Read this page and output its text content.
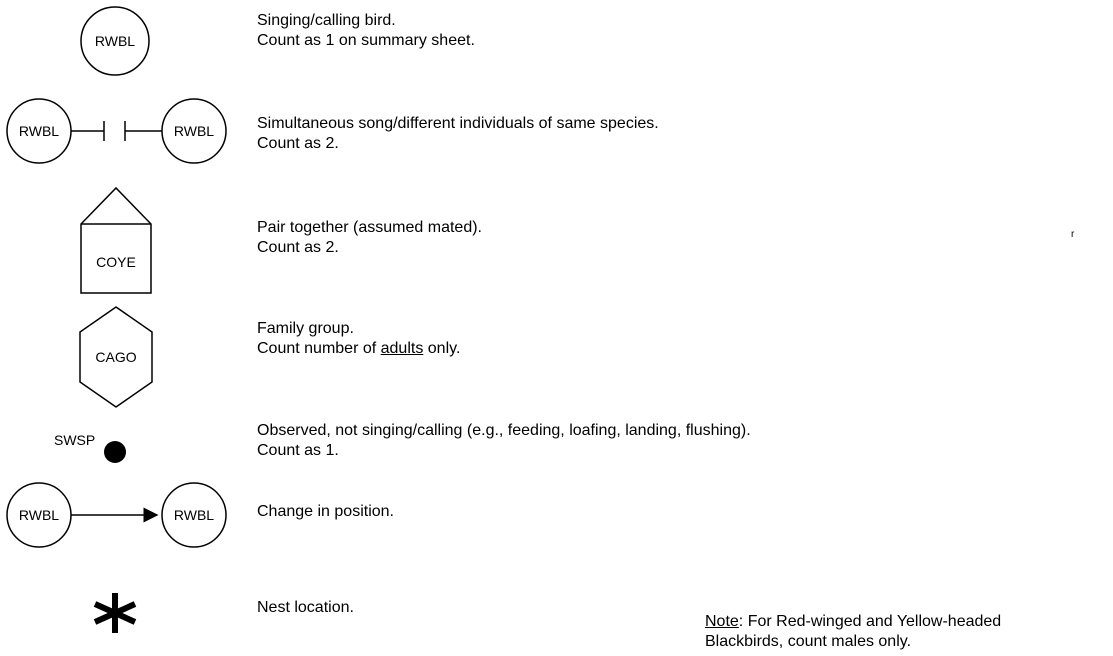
RWBL
RWBL	RWBL
COYE
CAGO
SWSP
RWBL	RWBL
*
Singing/calling bird.
Count as 1 on summary sheet.
Simultaneous song/different individuals of same species.
Count as 2.
Pair together (assumed mated).
Count as 2.
Family group.
Count number of adults only.
Observed, not singing/calling (e.g., feeding, loafing, landing, flushing).
Count as 1.
Change in position.
Nest location.
Note: For Red-winged and Yellow-headed
Blackbirds, count males only.
r
